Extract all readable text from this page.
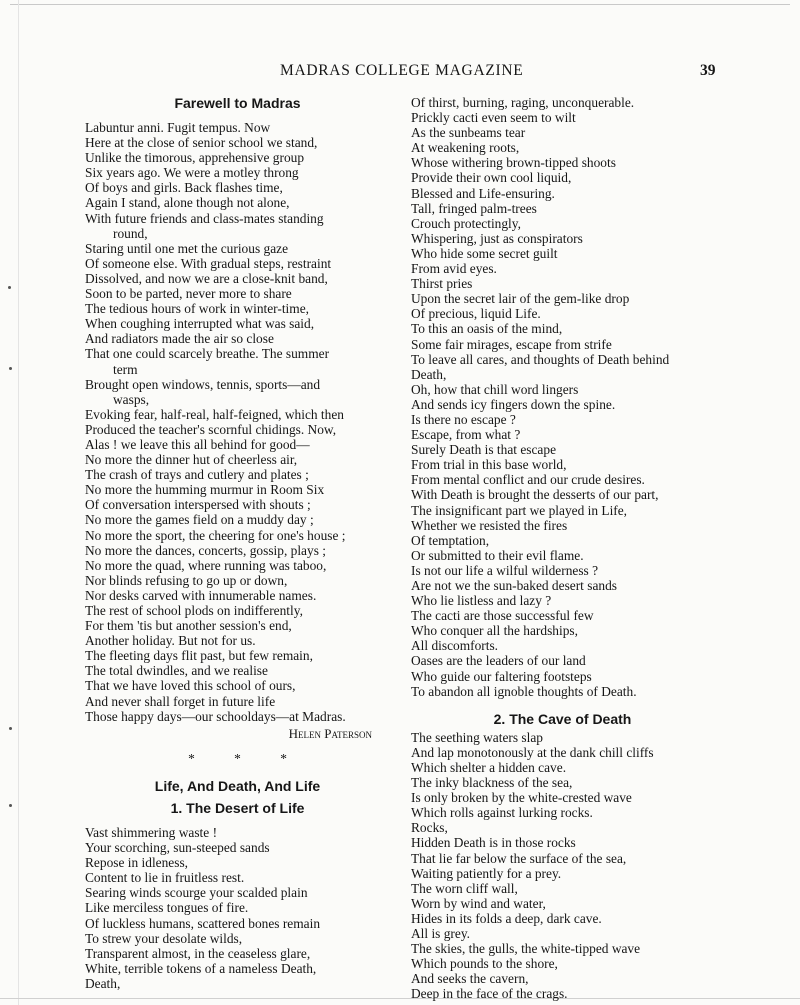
MADRAS COLLEGE MAGAZINE	39
Farewell to Madras
Labuntur anni. Fugit tempus. Now
Here at the close of senior school we stand,
Unlike the timorous, apprehensive group
Six years ago. We were a motley throng
Of boys and girls. Back flashes time,
Again I stand, alone though not alone,
With future friends and class-mates standing
round,
Staring until one met the curious gaze
Of someone else. With gradual steps, restraint
Dissolved, and now we are a close-knit band,
Soon to be parted, never more to share
The tedious hours of work in winter-time,
When coughing interrupted what was said,
And radiators made the air so close
That one could scarcely breathe. The summer
term
Brought open windows, tennis, sports—and
wasps,
Evoking fear, half-real, half-feigned, which then
Produced the teacher's scornful chidings. Now,
Alas ! we leave this all behind for good—
No more the dinner hut of cheerless air,
The crash of trays and cutlery and plates ;
No more the humming murmur in Room Six
Of conversation interspersed with shouts ;
No more the games field on a muddy day ;
No more the sport, the cheering for one's house ;
No more the dances, concerts, gossip, plays ;
No more the quad, where running was taboo,
Nor blinds refusing to go up or down,
Nor desks carved with innumerable names.
The rest of school plods on indifferently,
For them 'tis but another session's end,
Another holiday. But not for us.
The fleeting days flit past, but few remain,
The total dwindles, and we realise
That we have loved this school of ours,
And never shall forget in future life
Those happy days—our schooldays—at Madras.
Helen Paterson
* * *
Life, And Death, And Life
1. The Desert of Life
Vast shimmering waste !
Your scorching, sun-steeped sands
Repose in idleness,
Content to lie in fruitless rest.
Searing winds scourge your scalded plain
Like merciless tongues of fire.
Of luckless humans, scattered bones remain
To strew your desolate wilds,
Transparent almost, in the ceaseless glare,
White, terrible tokens of a nameless Death,
Death,
Of thirst, burning, raging, unconquerable.
Prickly cacti even seem to wilt
As the sunbeams tear
At weakening roots,
Whose withering brown-tipped shoots
Provide their own cool liquid,
Blessed and Life-ensuring.
Tall, fringed palm-trees
Crouch protectingly,
Whispering, just as conspirators
Who hide some secret guilt
From avid eyes.
Thirst pries
Upon the secret lair of the gem-like drop
Of precious, liquid Life.
To this an oasis of the mind,
Some fair mirages, escape from strife
To leave all cares, and thoughts of Death behind
Death,
Oh, how that chill word lingers
And sends icy fingers down the spine.
Is there no escape ?
Escape, from what ?
Surely Death is that escape
From trial in this base world,
From mental conflict and our crude desires.
With Death is brought the desserts of our part,
The insignificant part we played in Life,
Whether we resisted the fires
Of temptation,
Or submitted to their evil flame.
Is not our life a wilful wilderness ?
Are not we the sun-baked desert sands
Who lie listless and lazy ?
The cacti are those successful few
Who conquer all the hardships,
All discomforts.
Oases are the leaders of our land
Who guide our faltering footsteps
To abandon all ignoble thoughts of Death.
2. The Cave of Death
The seething waters slap
And lap monotonously at the dank chill cliffs
Which shelter a hidden cave.
The inky blackness of the sea,
Is only broken by the white-crested wave
Which rolls against lurking rocks.
Rocks,
Hidden Death is in those rocks
That lie far below the surface of the sea,
Waiting patiently for a prey.
The worn cliff wall,
Worn by wind and water,
Hides in its folds a deep, dark cave.
All is grey.
The skies, the gulls, the white-tipped wave
Which pounds to the shore,
And seeks the cavern,
Deep in the face of the crags.
